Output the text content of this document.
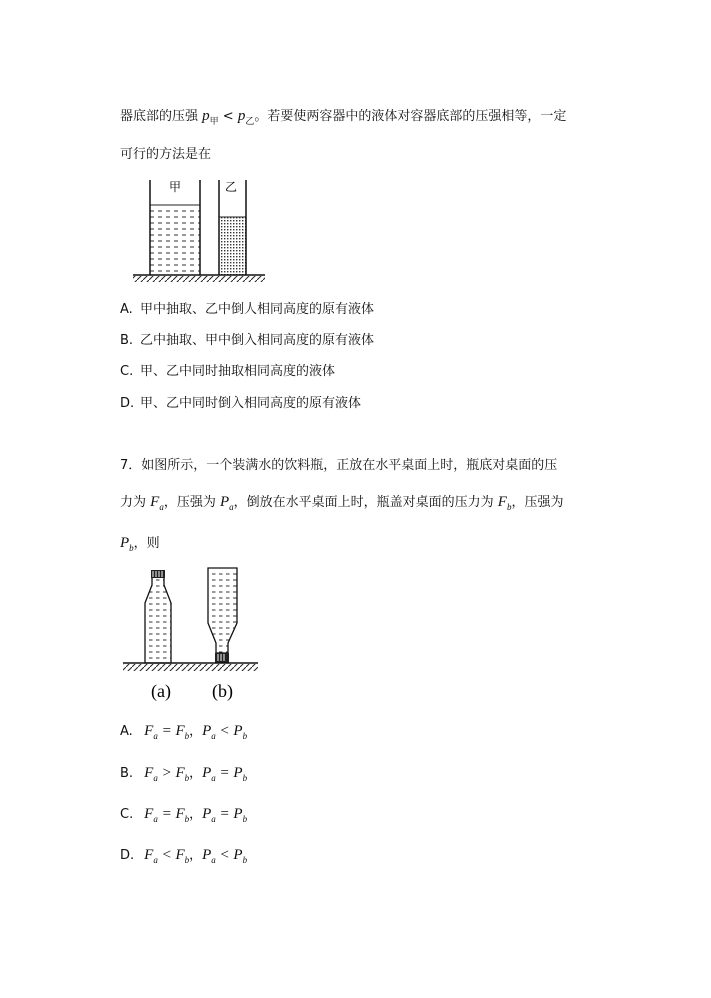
器底部的压强 $p_甲 < p_乙$。若要使两容器中的液体对容器底部的压强相等，一定
可行的方法是在
甲	乙
A. 甲中抽取、乙中倒人相同高度的原有液体
B. 乙中抽取、甲中倒入相同高度的原有液体
C. 甲、乙中同时抽取相同高度的液体
D. 甲、乙中同时倒入相同高度的原有液体
7．如图所示，一个装满水的饮料瓶，正放在水平桌面上时，瓶底对桌面的压
力为 $F_a$，压强为 $P_a$，倒放在水平桌面上时，瓶盖对桌面的压力为 $F_b$，压强为
$P_b$，则
(a) (b)
A. $F_a = F_b$，$P_a < P_b$
B. $F_a > F_b$，$P_a = P_b$
C. $F_a = F_b$，$P_a = P_b$
D. $F_a < F_b$，$P_a < P_b$
